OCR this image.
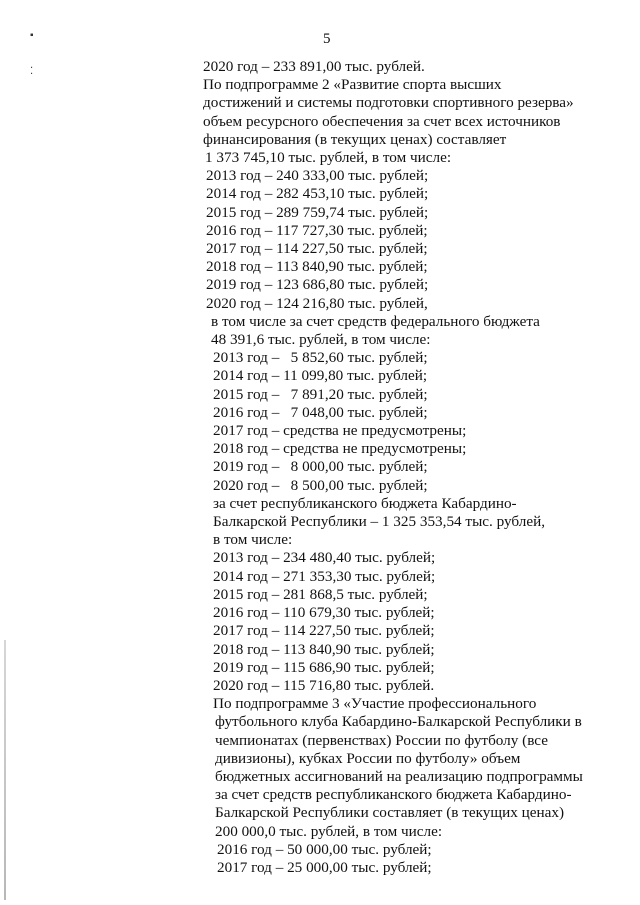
5
▪
⁚	2020 год – 233 891,00 тыс. рублей.
По подпрограмме 2 «Развитие спорта высших
достижений и системы подготовки спортивного резерва»
объем ресурсного обеспечения за счет всех источников
финансирования (в текущих ценах) составляет
1 373 745,10 тыс. рублей, в том числе:
2013 год – 240 333,00 тыс. рублей;
2014 год – 282 453,10 тыс. рублей;
2015 год – 289 759,74 тыс. рублей;
2016 год – 117 727,30 тыс. рублей;
2017 год – 114 227,50 тыс. рублей;
2018 год – 113 840,90 тыс. рублей;
2019 год – 123 686,80 тыс. рублей;
2020 год – 124 216,80 тыс. рублей,
в том числе за счет средств федерального бюджета
48 391,6 тыс. рублей, в том числе:
2013 год –   5 852,60 тыс. рублей;
2014 год – 11 099,80 тыс. рублей;
2015 год –   7 891,20 тыс. рублей;
2016 год –   7 048,00 тыс. рублей;
2017 год – средства не предусмотрены;
2018 год – средства не предусмотрены;
2019 год –   8 000,00 тыс. рублей;
2020 год –   8 500,00 тыс. рублей;
за счет республиканского бюджета Кабардино-
Балкарской Республики – 1 325 353,54 тыс. рублей,
в том числе:
2013 год – 234 480,40 тыс. рублей;
2014 год – 271 353,30 тыс. рублей;
2015 год – 281 868,5 тыс. рублей;
2016 год – 110 679,30 тыс. рублей;
2017 год – 114 227,50 тыс. рублей;
2018 год – 113 840,90 тыс. рублей;
2019 год – 115 686,90 тыс. рублей;
2020 год – 115 716,80 тыс. рублей.
По подпрограмме 3 «Участие профессионального
футбольного клуба Кабардино-Балкарской Республики в
чемпионатах (первенствах) России по футболу (все
дивизионы), кубках России по футболу» объем
бюджетных ассигнований на реализацию подпрограммы
за счет средств республиканского бюджета Кабардино-
Балкарской Республики составляет (в текущих ценах)
200 000,0 тыс. рублей, в том числе:
2016 год – 50 000,00 тыс. рублей;
2017 год – 25 000,00 тыс. рублей;
